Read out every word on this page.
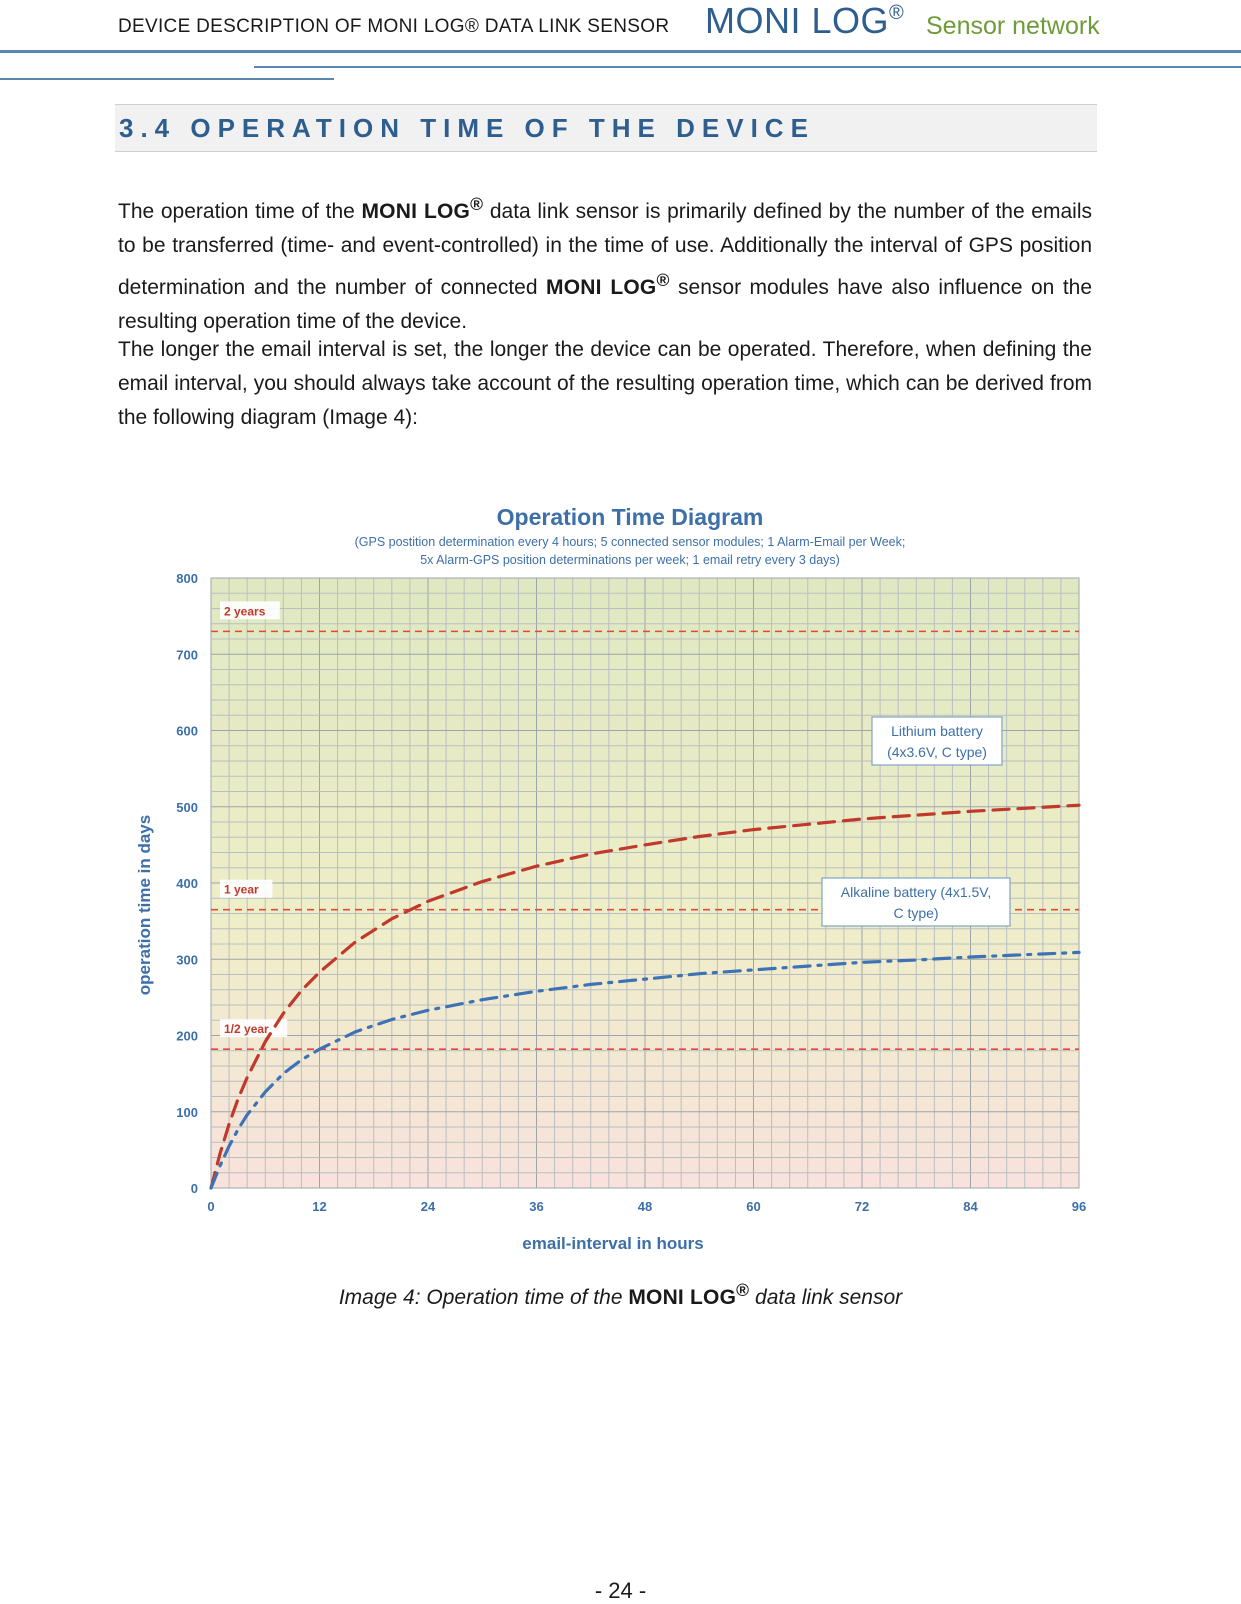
DEVICE DESCRIPTION OF MONI LOG® DATA LINK SENSOR MONI LOG® Sensor network
3.4 OPERATION TIME OF THE DEVICE
The operation time of the MONI LOG® data link sensor is primarily defined by the number of the emails to be transferred (time- and event-controlled) in the time of use. Additionally the interval of GPS position determination and the number of connected MONI LOG® sensor modules have also influence on the resulting operation time of the device.
The longer the email interval is set, the longer the device can be operated. Therefore, when defining the email interval, you should always take account of the resulting operation time, which can be derived from the following diagram (Image 4):
Operation Time Diagram
(GPS postition determination every 4 hours; 5 connected sensor modules; 1 Alarm-Email per Week;
5x Alarm-GPS position determinations per week; 1 email retry every 3 days)
2 years
1 year
1/2 year
0
100
200
300
400
500
600
700
800
0	12	24	36	48	60	72	84	96
Lithium battery
(4x3.6V, C type)
Alkaline battery (4x1.5V,
C type)
email-interval in hours
operation time in days
Image 4: Operation time of the MONI LOG® data link sensor
- 24 -
